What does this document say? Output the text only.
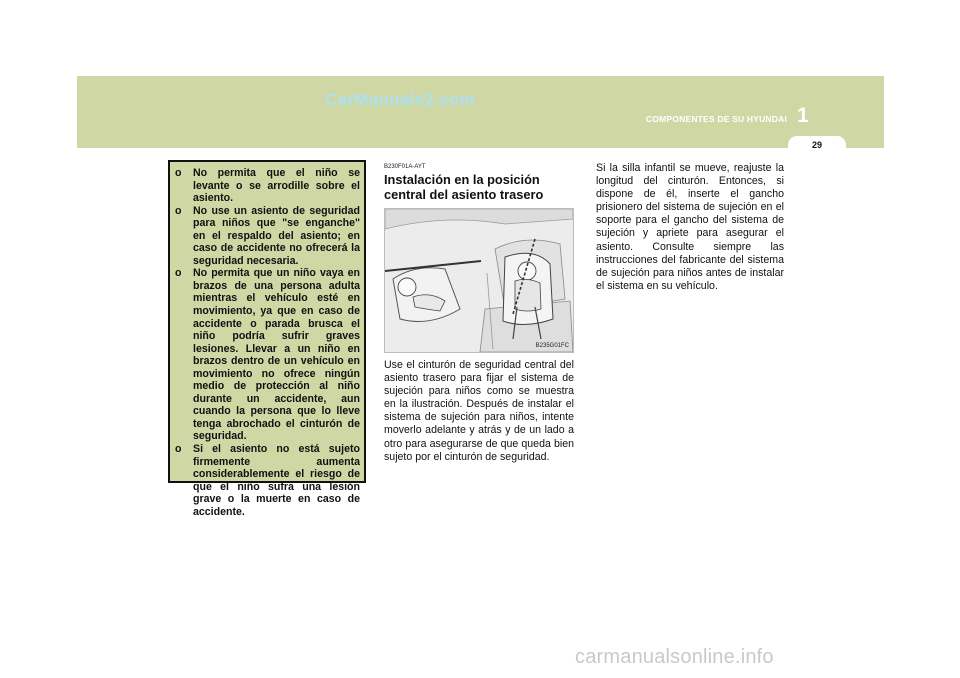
CarManuals2.com
COMPONENTES DE SU HYUNDAI 1
29
o No permita que el niño se levante o se arrodille sobre el asiento.
o No use un asiento de seguridad para niños que "se enganche" en el respaldo del asiento; en caso de accidente no ofrecerá la seguridad necesaria.
o No permita que un niño vaya en brazos de una persona adulta mientras el vehículo esté en movimiento, ya que en caso de accidente o parada brusca el niño podría sufrir graves lesiones. Llevar a un niño en brazos dentro de un vehículo en movimiento no ofrece ningún medio de protección al niño durante un accidente, aun cuando la persona que lo lleve tenga abrochado el cinturón de seguridad.
o Si el asiento no está sujeto firmemente aumenta considerablemente el riesgo de que el niño sufra una lesión grave o la muerte en caso de accidente.
B230F01A-AYT
Instalación en la posición central del asiento trasero
B235G01FC

Use el cinturón de seguridad central del asiento trasero para fijar el sistema de sujeción para niños como se muestra en la ilustración. Después de instalar el sistema de sujeción para niños, intente moverlo adelante y atrás y de un lado a otro para asegurarse de que queda bien sujeto por el cinturón de seguridad.

Si la silla infantil se mueve, reajuste la longitud del cinturón. Entonces, si dispone de él, inserte el gancho prisionero del sistema de sujeción en el soporte para el gancho del sistema de sujeción y apriete para asegurar el asiento. Consulte siempre las instrucciones del fabricante del sistema de sujeción para niños antes de instalar el sistema en su vehículo.

carmanualsonline.info
